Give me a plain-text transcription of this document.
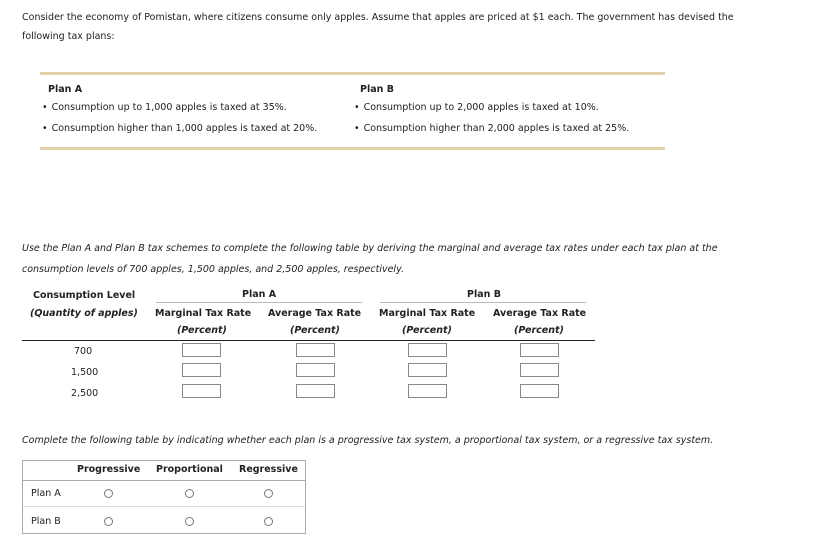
Consider the economy of Pomistan, where citizens consume only apples. Assume that apples are priced at $1 each. The government has devised the
following tax plans:
Plan A
• Consumption up to 1,000 apples is taxed at 35%.
• Consumption higher than 1,000 apples is taxed at 20%.
Plan B
• Consumption up to 2,000 apples is taxed at 10%.
• Consumption higher than 2,000 apples is taxed at 25%.
Use the Plan A and Plan B tax schemes to complete the following table by deriving the marginal and average tax rates under each tax plan at the
consumption levels of 700 apples, 1,500 apples, and 2,500 apples, respectively.
Consumption Level
(Quantity of apples)
Plan A	Plan B
Marginal Tax Rate Average Tax Rate Marginal Tax Rate Average Tax Rate
(Percent)	(Percent)	(Percent)	(Percent)
700
1,500
2,500
Complete the following table by indicating whether each plan is a progressive tax system, a proportional tax system, or a regressive tax system.
Progressive Proportional Regressive
Plan A
Plan B
